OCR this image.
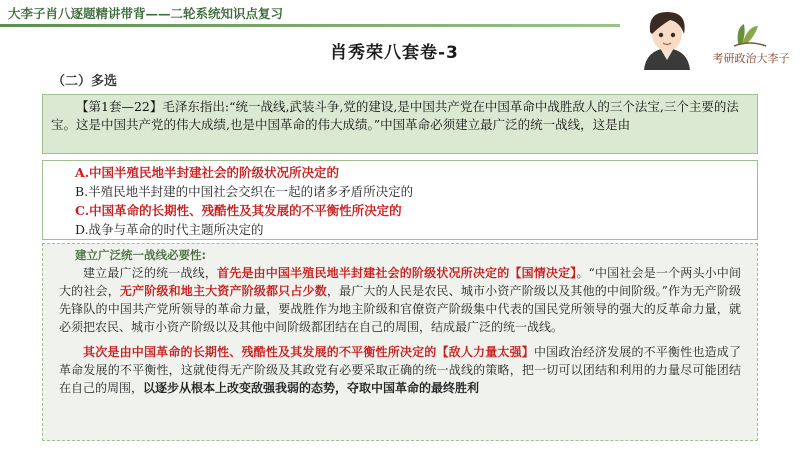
大李子肖八逐题精讲带背——二轮系统知识点复习
肖秀荣八套卷-3	考研政治大李子
（二）多选
【第1套—22】毛泽东指出:“统一战线,武装斗争,党的建设,是中国共产党在中国革命中战胜敌人的三个法宝,三个主要的法宝。这是中国共产党的伟大成绩,也是中国革命的伟大成绩。”中国革命必须建立最广泛的统一战线，这是由
A.中国半殖民地半封建社会的阶级状况所决定的
B.半殖民地半封建的中国社会交织在一起的诸多矛盾所决定的
C.中国革命的长期性、残酷性及其发展的不平衡性所决定的
D.战争与革命的时代主题所决定的
建立广泛统一战线必要性:
建立最广泛的统一战线，首先是由中国半殖民地半封建社会的阶级状况所决定的【国情决定】。“中国社会是一个两头小中间大的社会，无产阶级和地主大资产阶级都只占少数，最广大的人民是农民、城市小资产阶级以及其他的中间阶级。”作为无产阶级先锋队的中国共产党所领导的革命力量，要战胜作为地主阶级和官僚资产阶级集中代表的国民党所领导的强大的反革命力量，就必须把农民、城市小资产阶级以及其他中间阶级都团结在自己的周围，结成最广泛的统一战线。
其次是由中国革命的长期性、残酷性及其发展的不平衡性所决定的【敌人力量太强】中国政治经济发展的不平衡性也造成了革命发展的不平衡性，这就使得无产阶级及其政党有必要采取正确的统一战线的策略，把一切可以团结和利用的力量尽可能团结在自己的周围，以逐步从根本上改变敌强我弱的态势，夺取中国革命的最终胜利
